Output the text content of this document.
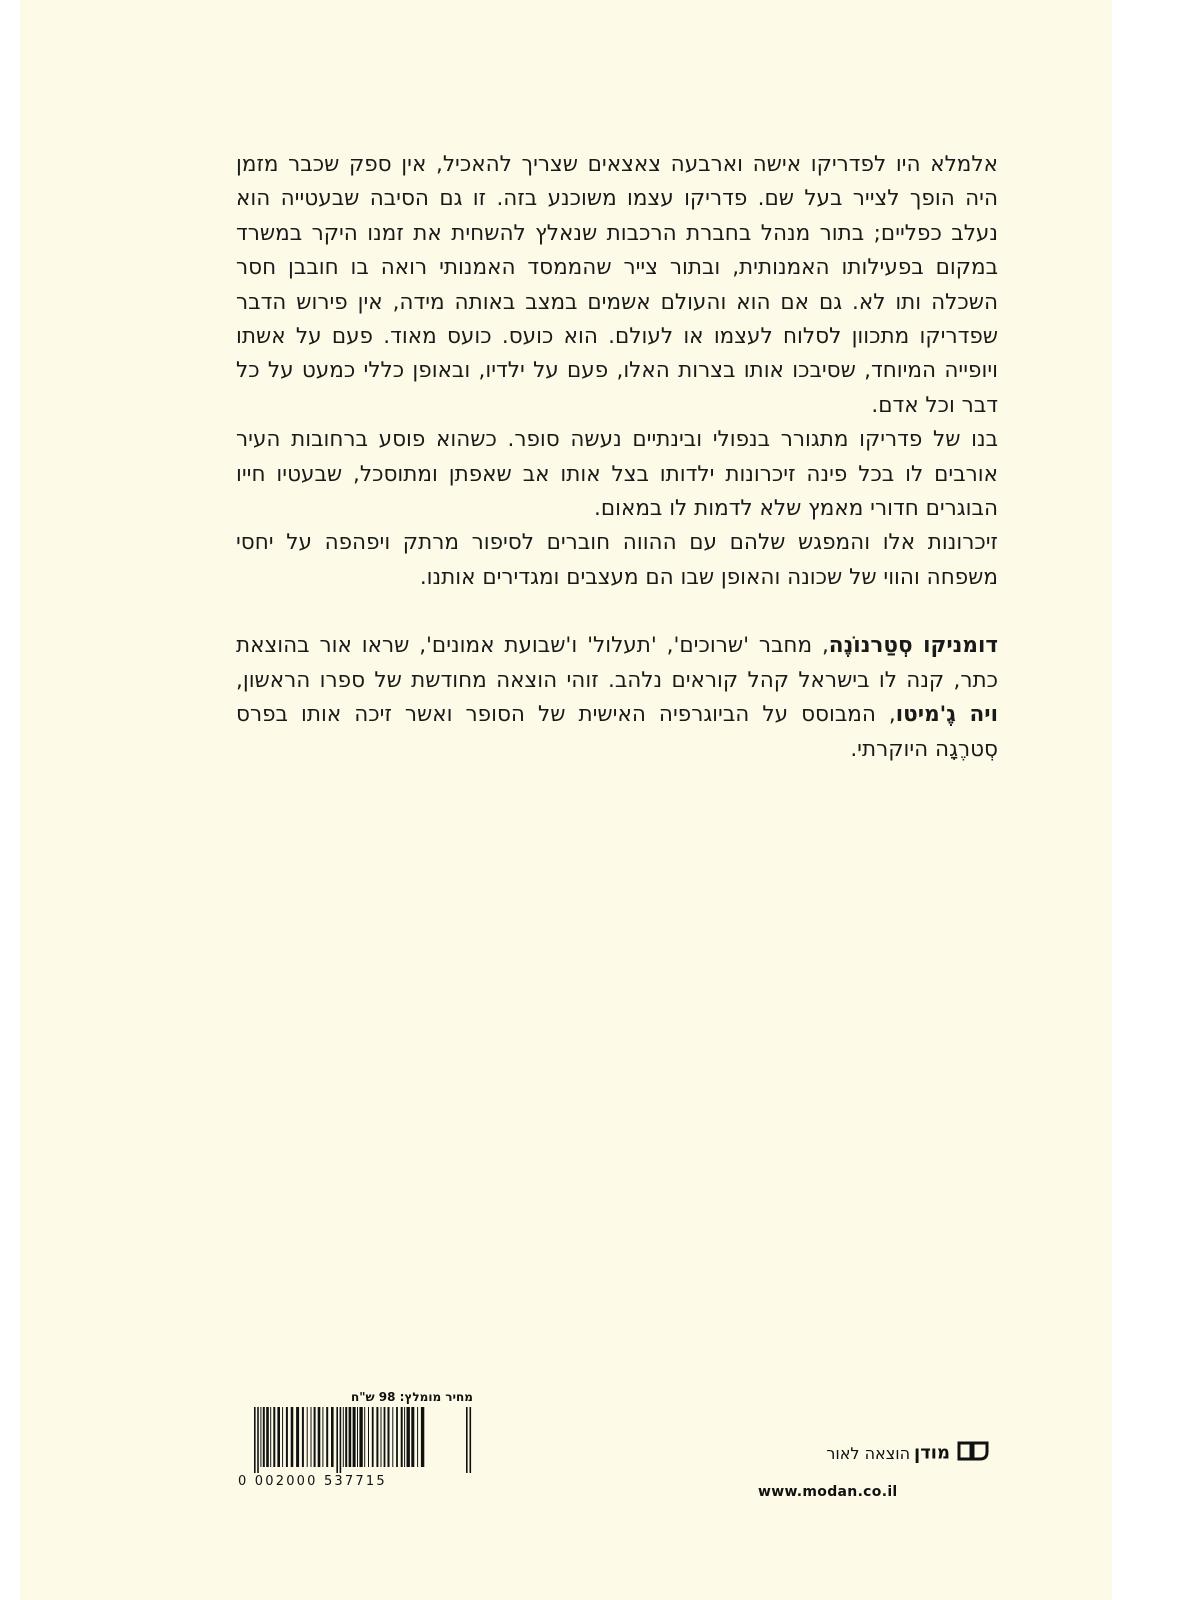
אלמלא היו לפדריקו אישה וארבעה צאצאים שצריך להאכיל, אין ספק שכבר מזמן היה הופך לצייר בעל שם. פדריקו עצמו משוכנע בזה. זו גם הסיבה שבעטייה הוא נעלב כפליים; בתור מנהל בחברת הרכבות שנאלץ להשחית את זמנו היקר במשרד במקום בפעילותו האמנותית, ובתור צייר שהממסד האמנותי רואה בו חובבן חסר השכלה ותו לא. גם אם הוא והעולם אשמים במצב באותה מידה, אין פירוש הדבר שפדריקו מתכוון לסלוח לעצמו או לעולם. הוא כועס. כועס מאוד. פעם על אשתו ויופייה המיוחד, שסיבכו אותו בצרות האלו, פעם על ילדיו, ובאופן כללי כמעט על כל דבר וכל אדם.

בנו של פדריקו מתגורר בנפולי ובינתיים נעשה סופר. כשהוא פוסע ברחובות העיר אורבים לו בכל פינה זיכרונות ילדותו בצל אותו אב שאפתן ומתוסכל, שבעטיו חייו הבוגרים חדורי מאמץ שלא לדמות לו במאום.

זיכרונות אלו והמפגש שלהם עם ההווה חוברים לסיפור מרתק ויפהפה על יחסי משפחה והווי של שכונה והאופן שבו הם מעצבים ומגדירים אותנו.

דומניקו סְטַרנוֹנֶה, מחבר 'שרוכים', 'תעלול' ו'שבועת אמונים', שראו אור בהוצאת כתר, קנה לו בישראל קהל קוראים נלהב. זוהי הוצאה מחודשת של ספרו הראשון, ויה גֶ'מיטו, המבוסס על הביוגרפיה האישית של הסופר ואשר זיכה אותו בפרס סְטרֶגָה היוקרתי.

מחיר מומלץ: 98 ש"ח
0 002000 537715
מודןהוצאה לאור
www.modan.co.il
